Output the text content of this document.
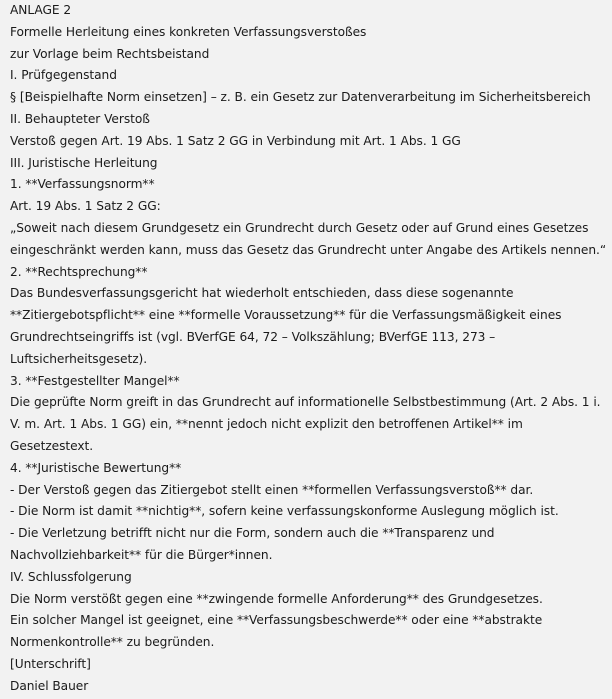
ANLAGE 2

Formelle Herleitung eines konkreten Verfassungsverstoßes

zur Vorlage beim Rechtsbeistand

I. Prüfgegenstand

§ [Beispielhafte Norm einsetzen] – z. B. ein Gesetz zur Datenverarbeitung im Sicherheitsbereich

II. Behaupteter Verstoß

Verstoß gegen Art. 19 Abs. 1 Satz 2 GG in Verbindung mit Art. 1 Abs. 1 GG

III. Juristische Herleitung

1. **Verfassungsnorm**

Art. 19 Abs. 1 Satz 2 GG:

„Soweit nach diesem Grundgesetz ein Grundrecht durch Gesetz oder auf Grund eines Gesetzes eingeschränkt werden kann, muss das Gesetz das Grundrecht unter Angabe des Artikels nennen.“

2. **Rechtsprechung**

Das Bundesverfassungsgericht hat wiederholt entschieden, dass diese sogenannte **Zitiergebotspflicht** eine **formelle Voraussetzung** für die Verfassungsmäßigkeit eines Grundrechtseingriffs ist (vgl. BVerfGE 64, 72 – Volkszählung; BVerfGE 113, 273 – Luftsicherheitsgesetz).

3. **Festgestellter Mangel**

Die geprüfte Norm greift in das Grundrecht auf informationelle Selbstbestimmung (Art. 2 Abs. 1 i. V. m. Art. 1 Abs. 1 GG) ein, **nennt jedoch nicht explizit den betroffenen Artikel** im Gesetzestext.

4. **Juristische Bewertung**

- Der Verstoß gegen das Zitiergebot stellt einen **formellen Verfassungsverstoß** dar.

- Die Norm ist damit **nichtig**, sofern keine verfassungskonforme Auslegung möglich ist.

- Die Verletzung betrifft nicht nur die Form, sondern auch die **Transparenz und Nachvollziehbarkeit** für die Bürger*innen.

IV. Schlussfolgerung

Die Norm verstößt gegen eine **zwingende formelle Anforderung** des Grundgesetzes.

Ein solcher Mangel ist geeignet, eine **Verfassungsbeschwerde** oder eine **abstrakte Normenkontrolle** zu begründen.

[Unterschrift]

Daniel Bauer
